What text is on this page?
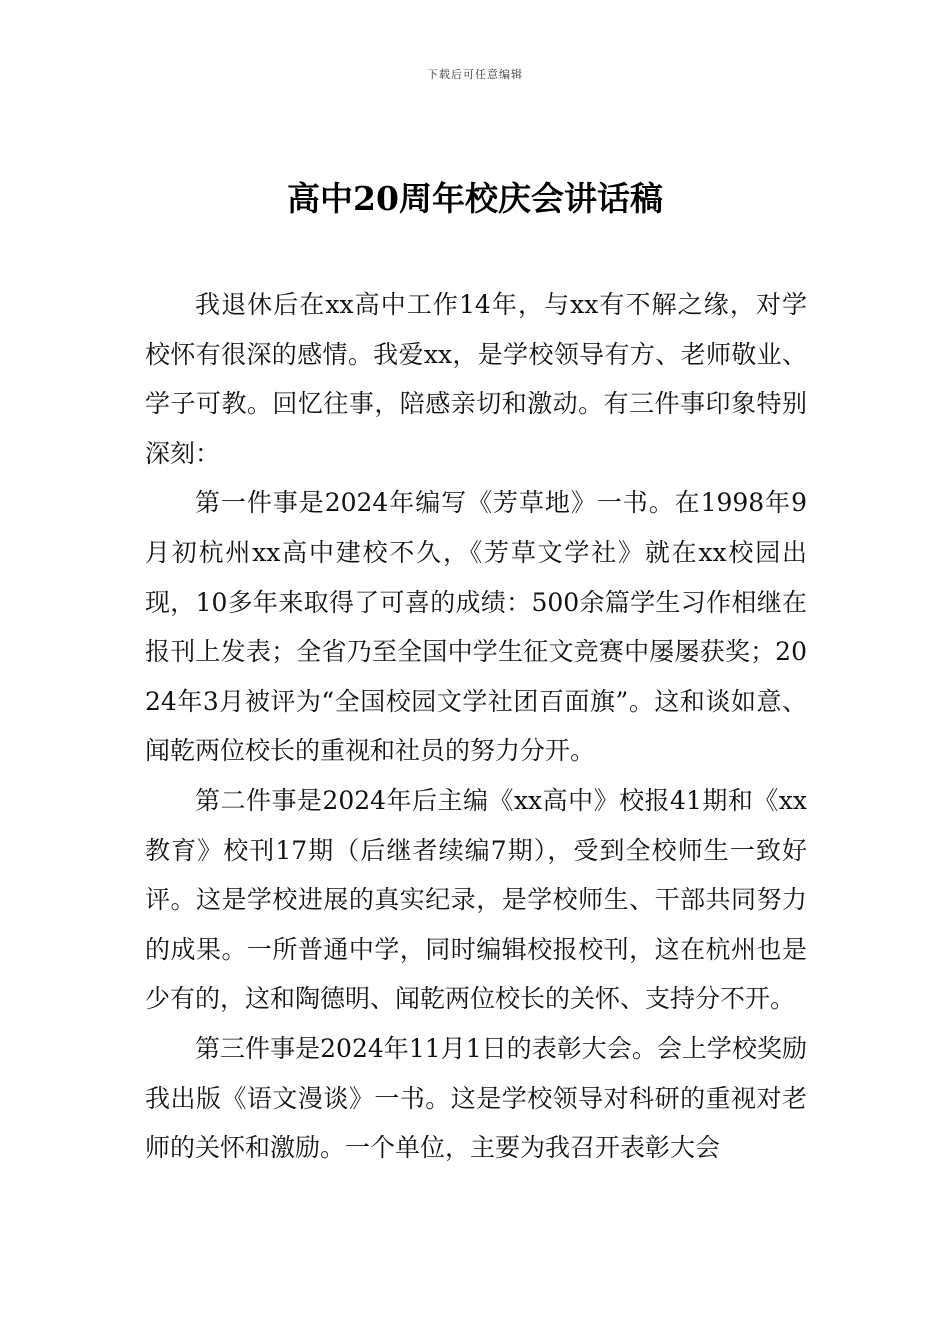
下载后可任意编辑
高中20周年校庆会讲话稿

我退休后在xx高中工作14年，与xx有不解之缘，对学校怀有很深的感情。我爱xx，是学校领导有方、老师敬业、学子可教。回忆往事，陪感亲切和激动。有三件事印象特别深刻：

第一件事是2024年编写《芳草地》一书。在1998年9月初杭州xx高中建校不久，《芳草文学社》就在xx校园出现，10多年来取得了可喜的成绩：500余篇学生习作相继在报刊上发表；全省乃至全国中学生征文竞赛中屡屡获奖；2024年3月被评为“全国校园文学社团百面旗”。这和谈如意、闻乾两位校长的重视和社员的努力分开。

第二件事是2024年后主编《xx高中》校报41期和《xx教育》校刊17期（后继者续编7期），受到全校师生一致好评。这是学校进展的真实纪录，是学校师生、干部共同努力的成果。一所普通中学，同时编辑校报校刊，这在杭州也是少有的，这和陶德明、闻乾两位校长的关怀、支持分不开。

第三件事是2024年11月1日的表彰大会。会上学校奖励我出版《语文漫谈》一书。这是学校领导对科研的重视对老师的关怀和激励。一个单位，主要为我召开表彰大会
